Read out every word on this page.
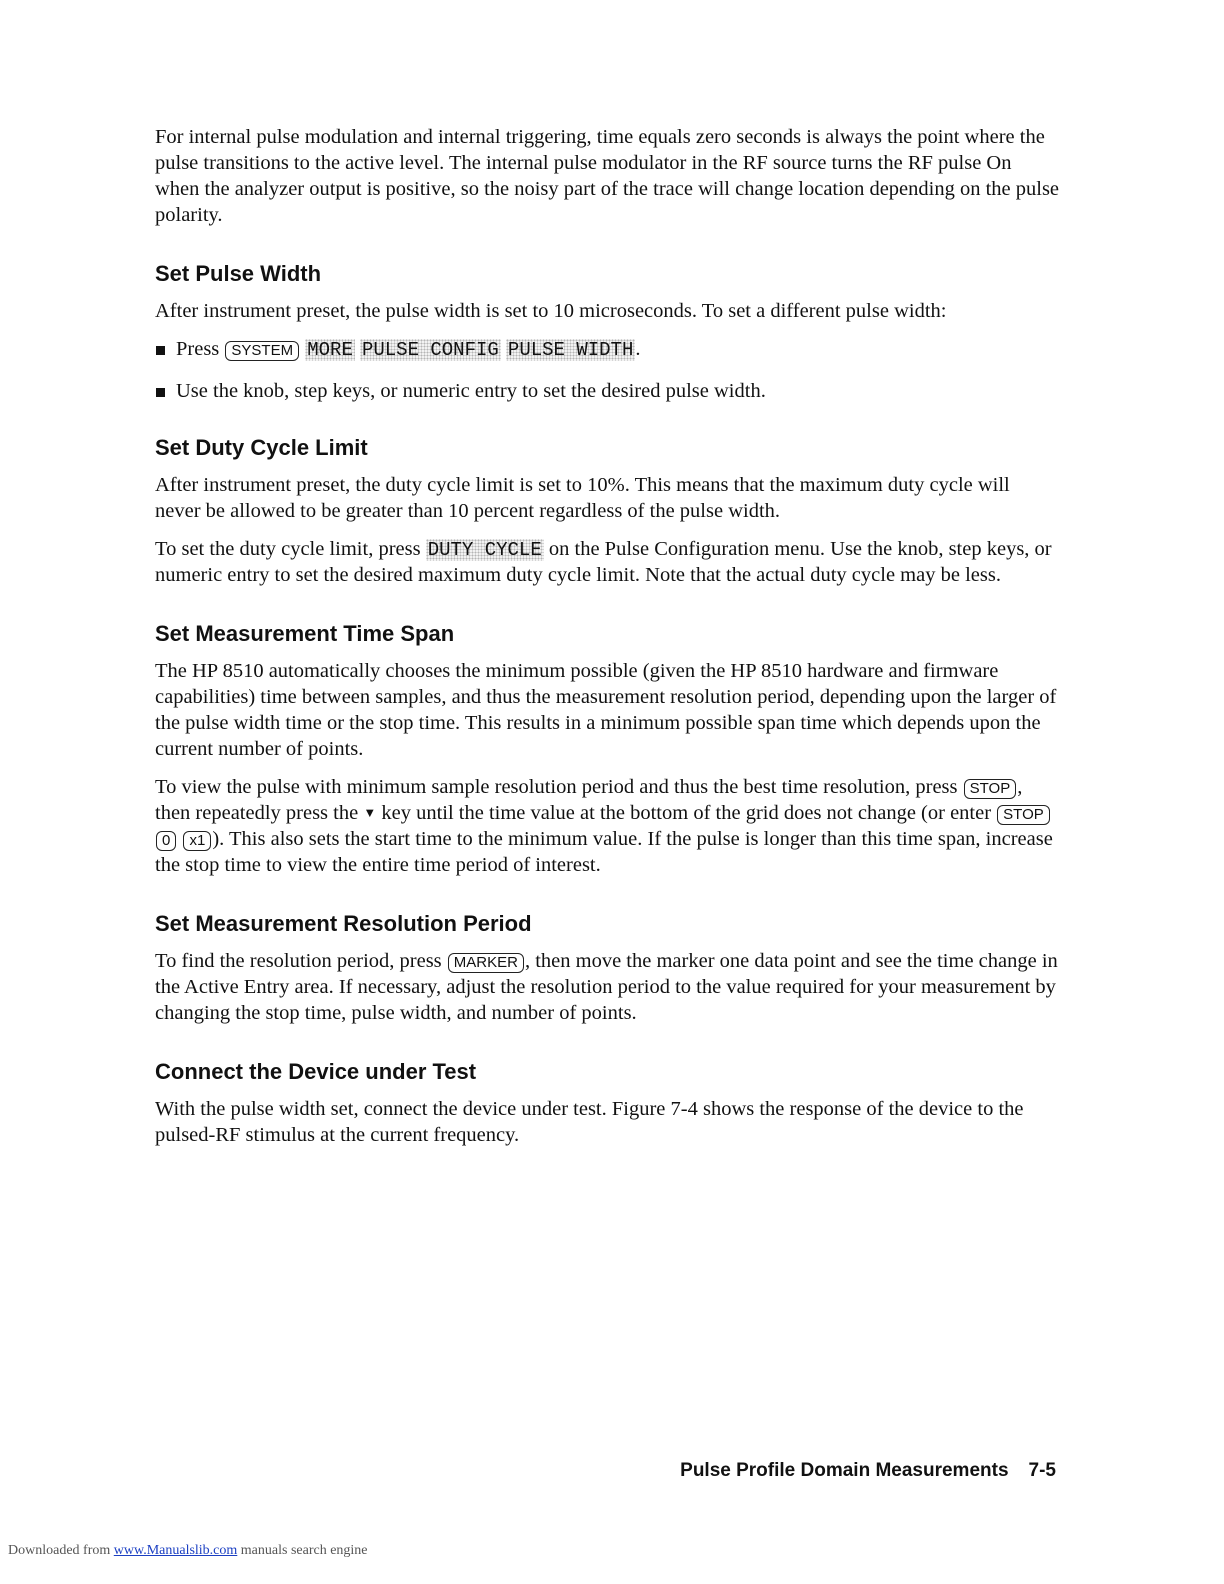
For internal pulse modulation and internal triggering, time equals zero seconds is always the point where the pulse transitions to the active level. The internal pulse modulator in the RF source turns the RF pulse On when the analyzer output is positive, so the noisy part of the trace will change location depending on the pulse polarity.

Set Pulse Width

After instrument preset, the pulse width is set to 10 microseconds. To set a different pulse width:

Press SYSTEM MORE PULSE CONFIG PULSE WIDTH.
Use the knob, step keys, or numeric entry to set the desired pulse width.
Set Duty Cycle Limit

After instrument preset, the duty cycle limit is set to 10%. This means that the maximum duty cycle will never be allowed to be greater than 10 percent regardless of the pulse width.

To set the duty cycle limit, press DUTY CYCLE on the Pulse Configuration menu. Use the knob, step keys, or numeric entry to set the desired maximum duty cycle limit. Note that the actual duty cycle may be less.

Set Measurement Time Span

The HP 8510 automatically chooses the minimum possible (given the HP 8510 hardware and firmware capabilities) time between samples, and thus the measurement resolution period, depending upon the larger of the pulse width time or the stop time. This results in a minimum possible span time which depends upon the current number of points.

To view the pulse with minimum sample resolution period and thus the best time resolution, press STOP , then repeatedly press the ▼ key until the time value at the bottom of the grid does not change (or enter STOP 0 x1 ). This also sets the start time to the minimum value. If the pulse is longer than this time span, increase the stop time to view the entire time period of interest.

Set Measurement Resolution Period

To find the resolution period, press MARKER , then move the marker one data point and see the time change in the Active Entry area. If necessary, adjust the resolution period to the value required for your measurement by changing the stop time, pulse width, and number of points.

Connect the Device under Test

With the pulse width set, connect the device under test. Figure 7-4 shows the response of the device to the pulsed-RF stimulus at the current frequency.

Pulse Profile Domain Measurements 7-5
Downloaded from www.Manualslib.com manuals search engine
